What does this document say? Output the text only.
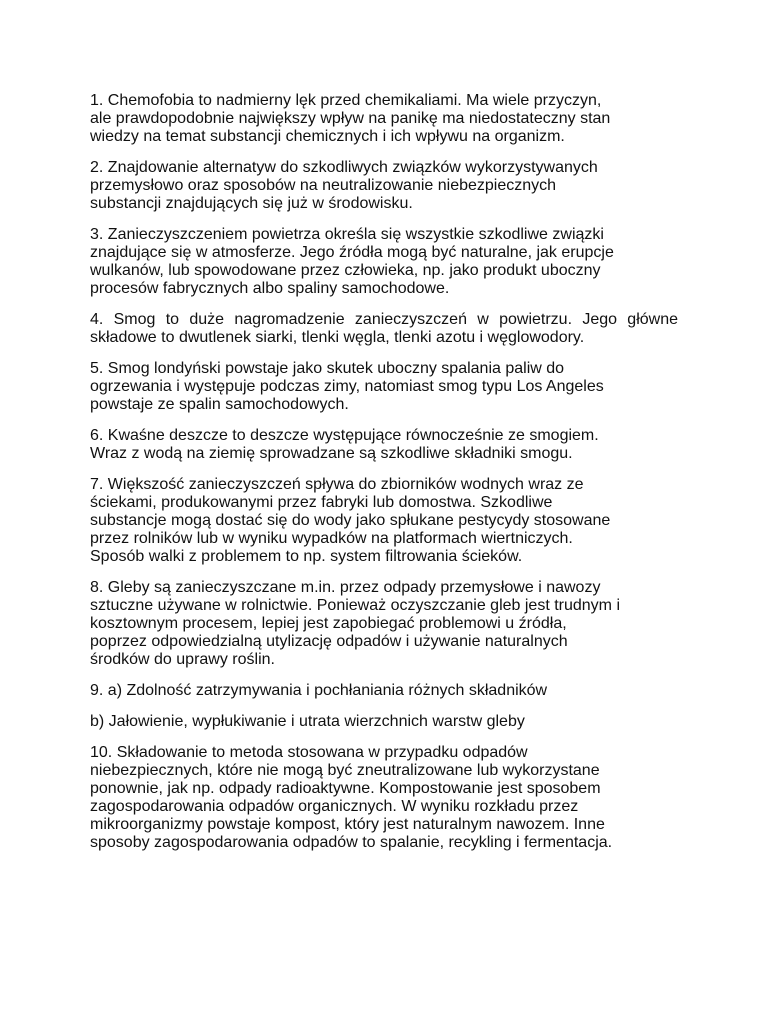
1. Chemofobia to nadmierny lęk przed chemikaliami. Ma wiele przyczyn,
ale prawdopodobnie największy wpływ na panikę ma niedostateczny stan
wiedzy na temat substancji chemicznych i ich wpływu na organizm.

2. Znajdowanie alternatyw do szkodliwych związków wykorzystywanych
przemysłowo oraz sposobów na neutralizowanie niebezpiecznych
substancji znajdujących się już w środowisku.

3. Zanieczyszczeniem powietrza określa się wszystkie szkodliwe związki
znajdujące się w atmosferze. Jego źródła mogą być naturalne, jak erupcje
wulkanów, lub spowodowane przez człowieka, np. jako produkt uboczny
procesów fabrycznych albo spaliny samochodowe.

4. Smog to duże nagromadzenie zanieczyszczeń w powietrzu. Jego główne składowe to dwutlenek siarki, tlenki węgla, tlenki azotu i węglowodory.

5. Smog londyński powstaje jako skutek uboczny spalania paliw do
ogrzewania i występuje podczas zimy, natomiast smog typu Los Angeles
powstaje ze spalin samochodowych.

6. Kwaśne deszcze to deszcze występujące równocześnie ze smogiem.
Wraz z wodą na ziemię sprowadzane są szkodliwe składniki smogu.

7. Większość zanieczyszczeń spływa do zbiorników wodnych wraz ze
ściekami, produkowanymi przez fabryki lub domostwa. Szkodliwe
substancje mogą dostać się do wody jako spłukane pestycydy stosowane
przez rolników lub w wyniku wypadków na platformach wiertniczych.
Sposób walki z problemem to np. system filtrowania ścieków.

8. Gleby są zanieczyszczane m.in. przez odpady przemysłowe i nawozy
sztuczne używane w rolnictwie. Ponieważ oczyszczanie gleb jest trudnym i
kosztownym procesem, lepiej jest zapobiegać problemowi u źródła,
poprzez odpowiedzialną utylizację odpadów i używanie naturalnych
środków do uprawy roślin.

9. a) Zdolność zatrzymywania i pochłaniania różnych składników

b) Jałowienie, wypłukiwanie i utrata wierzchnich warstw gleby

10. Składowanie to metoda stosowana w przypadku odpadów
niebezpiecznych, które nie mogą być zneutralizowane lub wykorzystane
ponownie, jak np. odpady radioaktywne. Kompostowanie jest sposobem
zagospodarowania odpadów organicznych. W wyniku rozkładu przez
mikroorganizmy powstaje kompost, który jest naturalnym nawozem. Inne
sposoby zagospodarowania odpadów to spalanie, recykling i fermentacja.
